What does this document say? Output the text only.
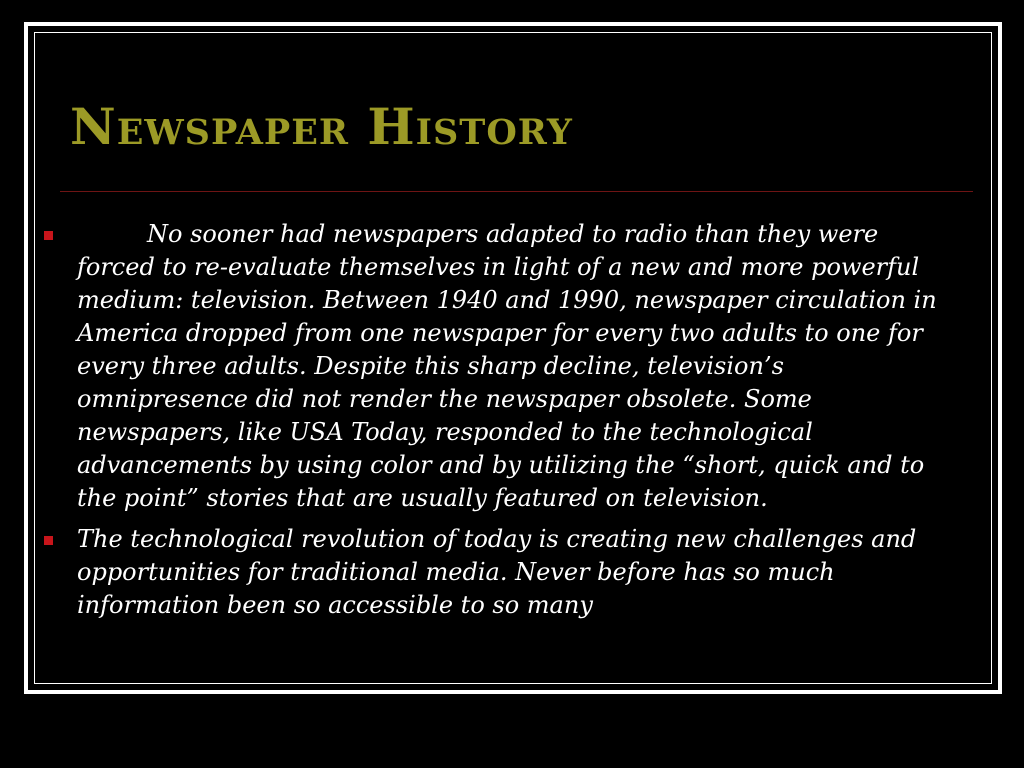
Newspaper History
No sooner had newspapers adapted to radio than they were forced to re-evaluate themselves in light of a new and more powerful medium: television. Between 1940 and 1990, newspaper circulation in America dropped from one newspaper for every two adults to one for every three adults. Despite this sharp decline, television’s omnipresence did not render the newspaper obsolete. Some newspapers, like USA Today, responded to the technological advancements by using color and by utilizing the “short, quick and to the point” stories that are usually featured on television.
The technological revolution of today is creating new challenges and opportunities for traditional media. Never before has so much information been so accessible to so many
